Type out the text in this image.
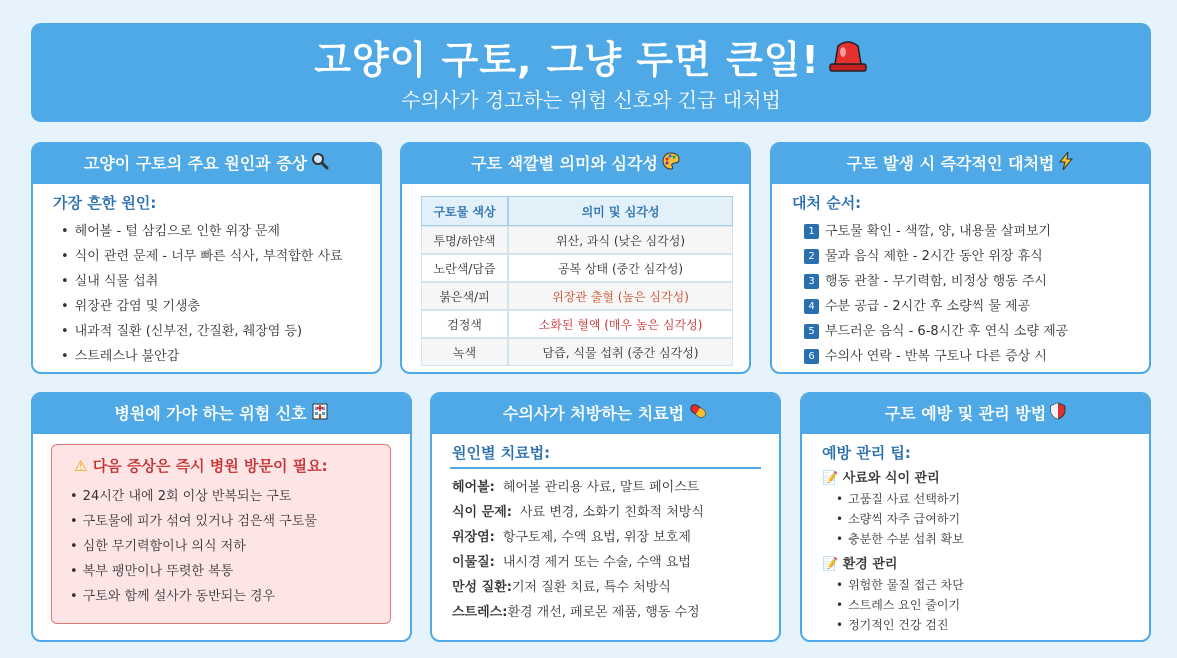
고양이 구토, 그냥 두면 큰일!
수의사가 경고하는 위험 신호와 긴급 대처법
고양이 구토의 주요 원인과 증상
가장 흔한 원인:
• 헤어볼 - 털 삼킴으로 인한 위장 문제
• 식이 관련 문제 - 너무 빠른 식사, 부적합한 사료
• 실내 식물 섭취
• 위장관 감염 및 기생충
• 내과적 질환 (신부전, 간질환, 췌장염 등)
• 스트레스나 불안감
구토 색깔별 의미와 심각성
구토물 색상	의미 및 심각성
투명/하얀색	위산, 과식 (낮은 심각성)
노란색/담즙	공복 상태 (중간 심각성)
붉은색/피	위장관 출혈 (높은 심각성)
검정색	소화된 혈액 (매우 높은 심각성)
녹색	담즙, 식물 섭취 (중간 심각성)
구토 발생 시 즉각적인 대처법
대처 순서:
1 구토물 확인 - 색깔, 양, 내용물 살펴보기
2 물과 음식 제한 - 2시간 동안 위장 휴식
3 행동 관찰 - 무기력함, 비정상 행동 주시
4 수분 공급 - 2시간 후 소량씩 물 제공
5 부드러운 음식 - 6-8시간 후 연식 소량 제공
6 수의사 연락 - 반복 구토나 다른 증상 시
병원에 가야 하는 위험 신호
⚠ 다음 증상은 즉시 병원 방문이 필요:
• 24시간 내에 2회 이상 반복되는 구토
• 구토물에 피가 섞여 있거나 검은색 구토물
• 심한 무기력함이나 의식 저하
• 복부 팽만이나 뚜렷한 복통
• 구토와 함께 설사가 동반되는 경우
수의사가 처방하는 치료법
원인별 치료법:
헤어볼: 헤어볼 관리용 사료, 말트 페이스트
식이 문제: 사료 변경, 소화기 친화적 처방식
위장염: 항구토제, 수액 요법, 위장 보호제
이물질: 내시경 제거 또는 수술, 수액 요법
만성 질환:기저 질환 치료, 특수 처방식
스트레스:환경 개선, 페로몬 제품, 행동 수정
구토 예방 및 관리 방법
예방 관리 팁:
📝 사료와 식이 관리
• 고품질 사료 선택하기
• 소량씩 자주 급여하기
• 충분한 수분 섭취 확보
📝 환경 관리
• 위험한 물질 접근 차단
• 스트레스 요인 줄이기
• 정기적인 건강 검진
